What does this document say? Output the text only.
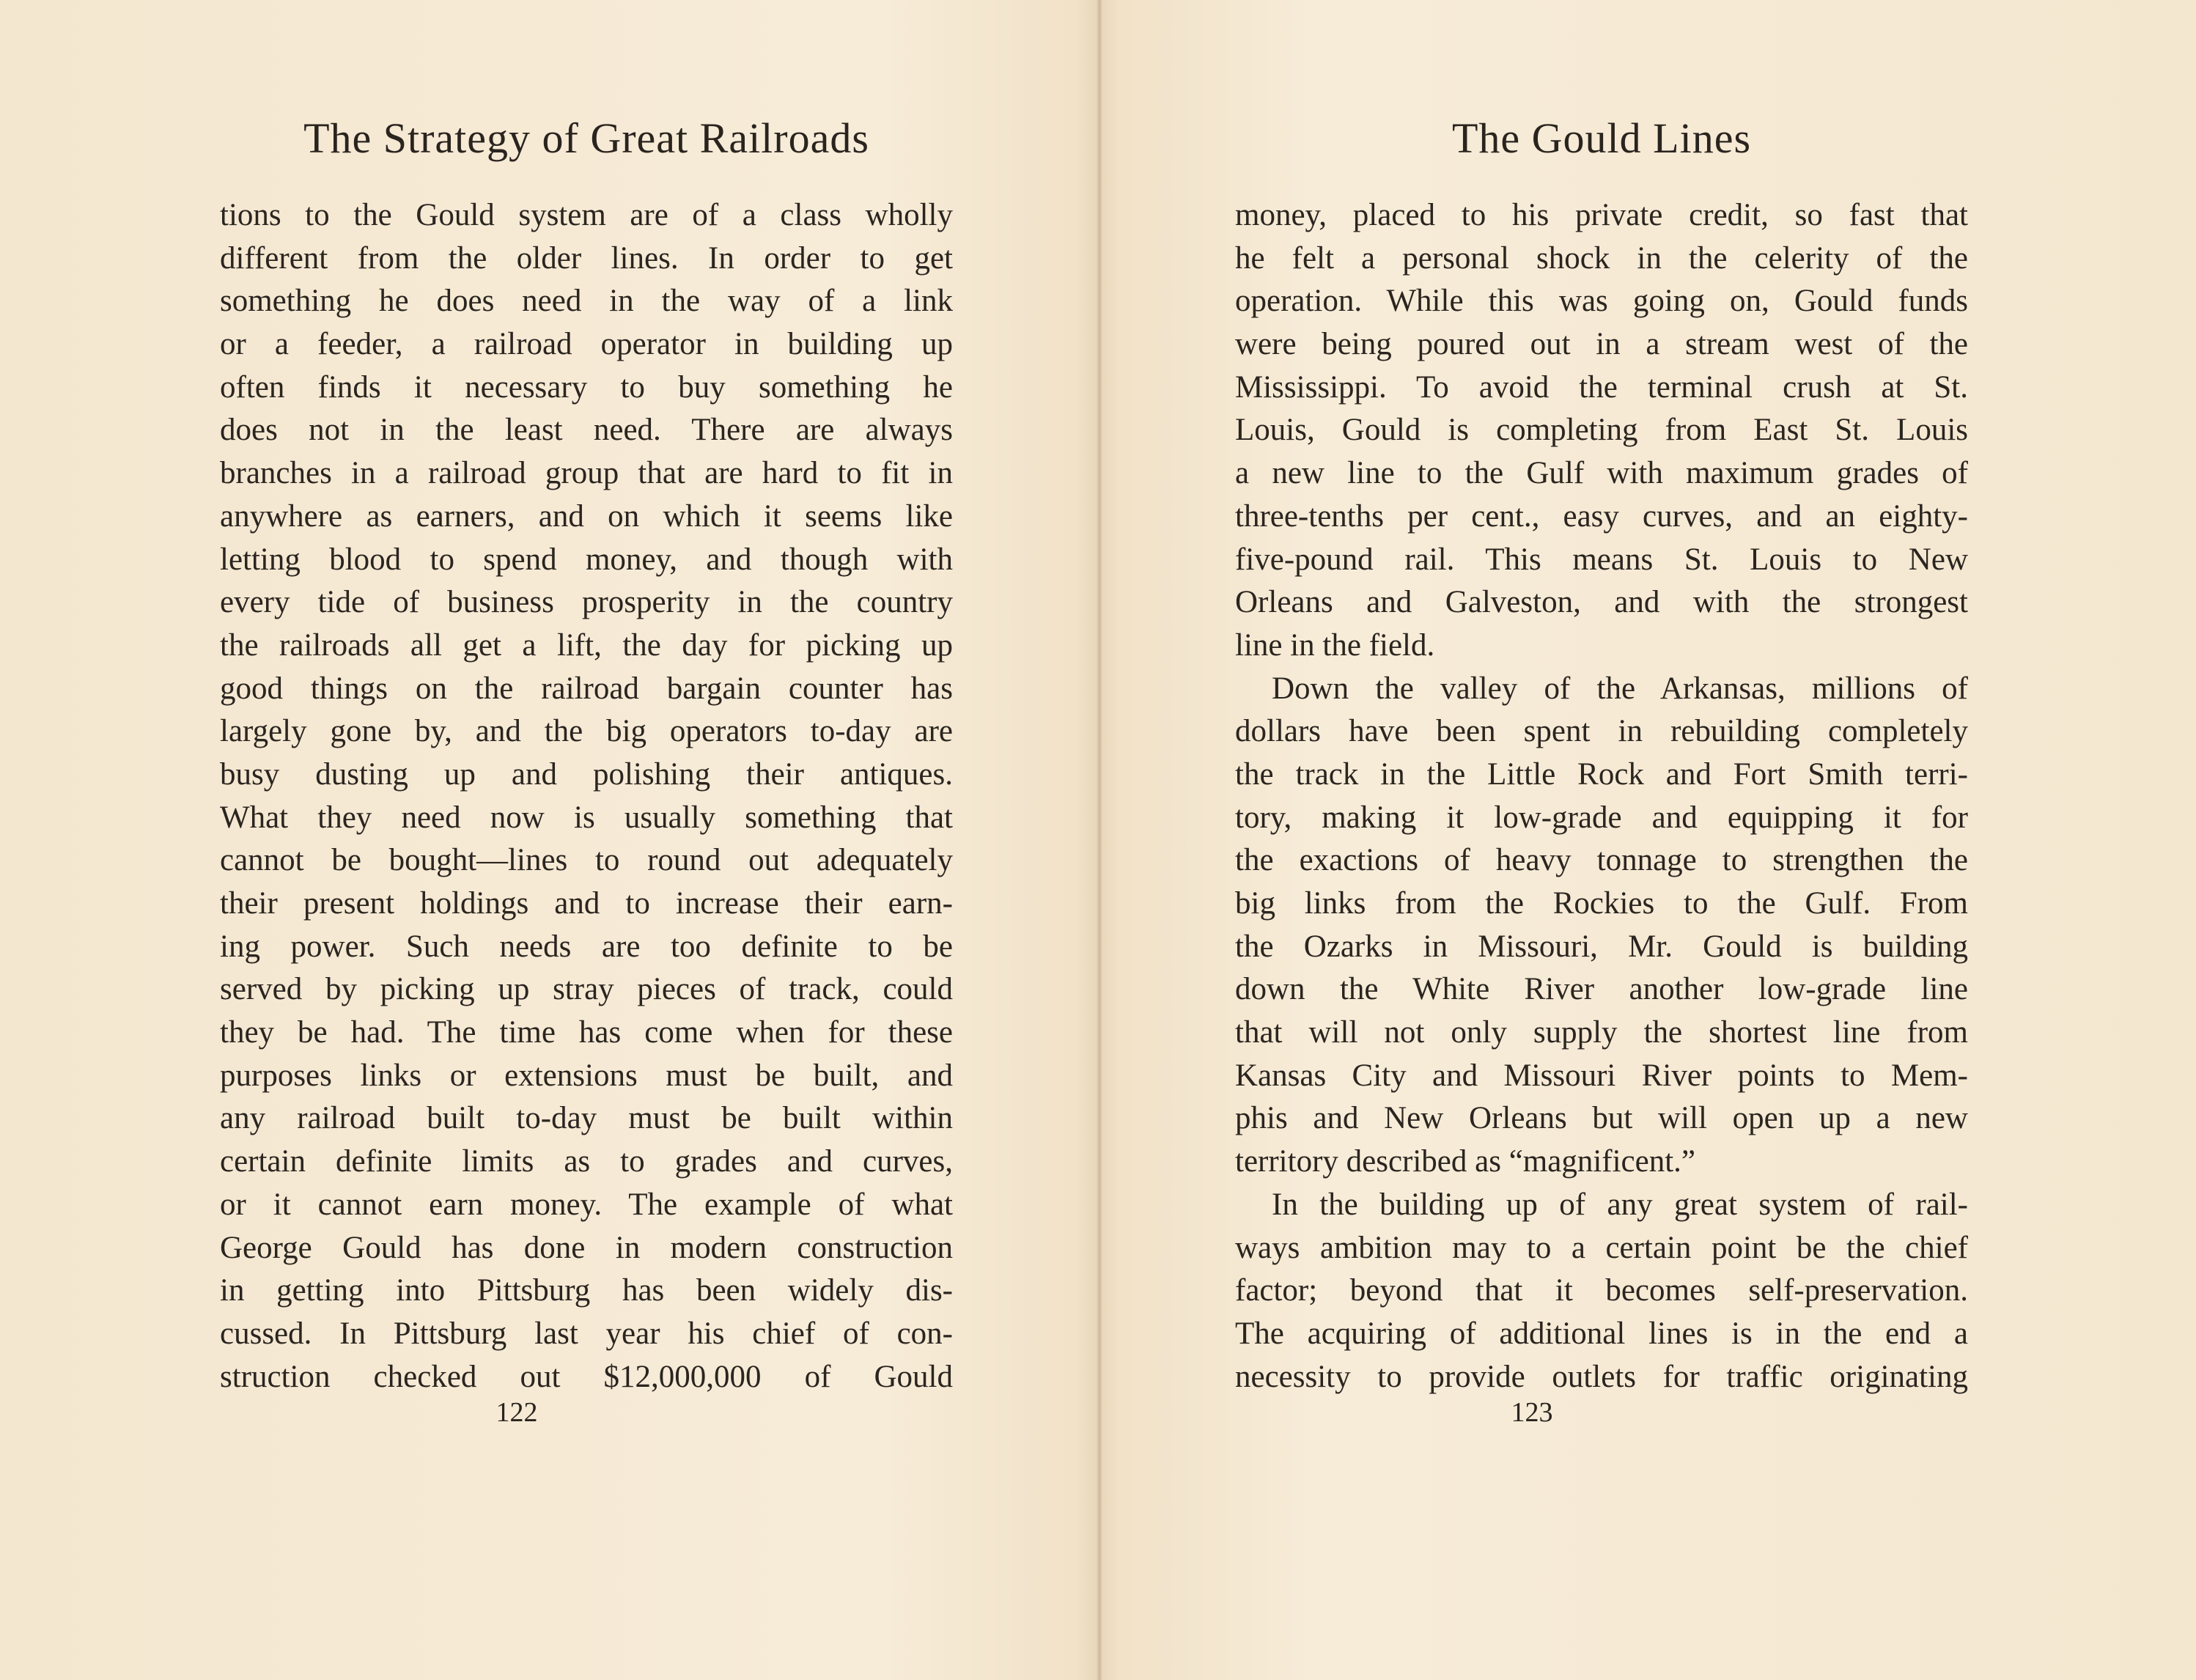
The Strategy of Great Railroads
tions to the Gould system are of a class wholly
different from the older lines. In order to get
something he does need in the way of a link
or a feeder, a railroad operator in building up
often finds it necessary to buy something he
does not in the least need. There are always
branches in a railroad group that are hard to fit in
anywhere as earners, and on which it seems like
letting blood to spend money, and though with
every tide of business prosperity in the country
the railroads all get a lift, the day for picking up
good things on the railroad bargain counter has
largely gone by, and the big operators to-day are
busy dusting up and polishing their antiques.
What they need now is usually something that
cannot be bought—lines to round out adequately
their present holdings and to increase their earn-
ing power. Such needs are too definite to be
served by picking up stray pieces of track, could
they be had. The time has come when for these
purposes links or extensions must be built, and
any railroad built to-day must be built within
certain definite limits as to grades and curves,
or it cannot earn money. The example of what
George Gould has done in modern construction
in getting into Pittsburg has been widely dis-
cussed. In Pittsburg last year his chief of con-
struction checked out $12,000,000 of Gould
122
The Gould Lines
money, placed to his private credit, so fast that
he felt a personal shock in the celerity of the
operation. While this was going on, Gould funds
were being poured out in a stream west of the
Mississippi. To avoid the terminal crush at St.
Louis, Gould is completing from East St. Louis
a new line to the Gulf with maximum grades of
three-tenths per cent., easy curves, and an eighty-
five-pound rail. This means St. Louis to New
Orleans and Galveston, and with the strongest
line in the field.
Down the valley of the Arkansas, millions of
dollars have been spent in rebuilding completely
the track in the Little Rock and Fort Smith terri-
tory, making it low-grade and equipping it for
the exactions of heavy tonnage to strengthen the
big links from the Rockies to the Gulf. From
the Ozarks in Missouri, Mr. Gould is building
down the White River another low-grade line
that will not only supply the shortest line from
Kansas City and Missouri River points to Mem-
phis and New Orleans but will open up a new
territory described as “magnificent.”
In the building up of any great system of rail-
ways ambition may to a certain point be the chief
factor; beyond that it becomes self-preservation.
The acquiring of additional lines is in the end a
necessity to provide outlets for traffic originating
123
